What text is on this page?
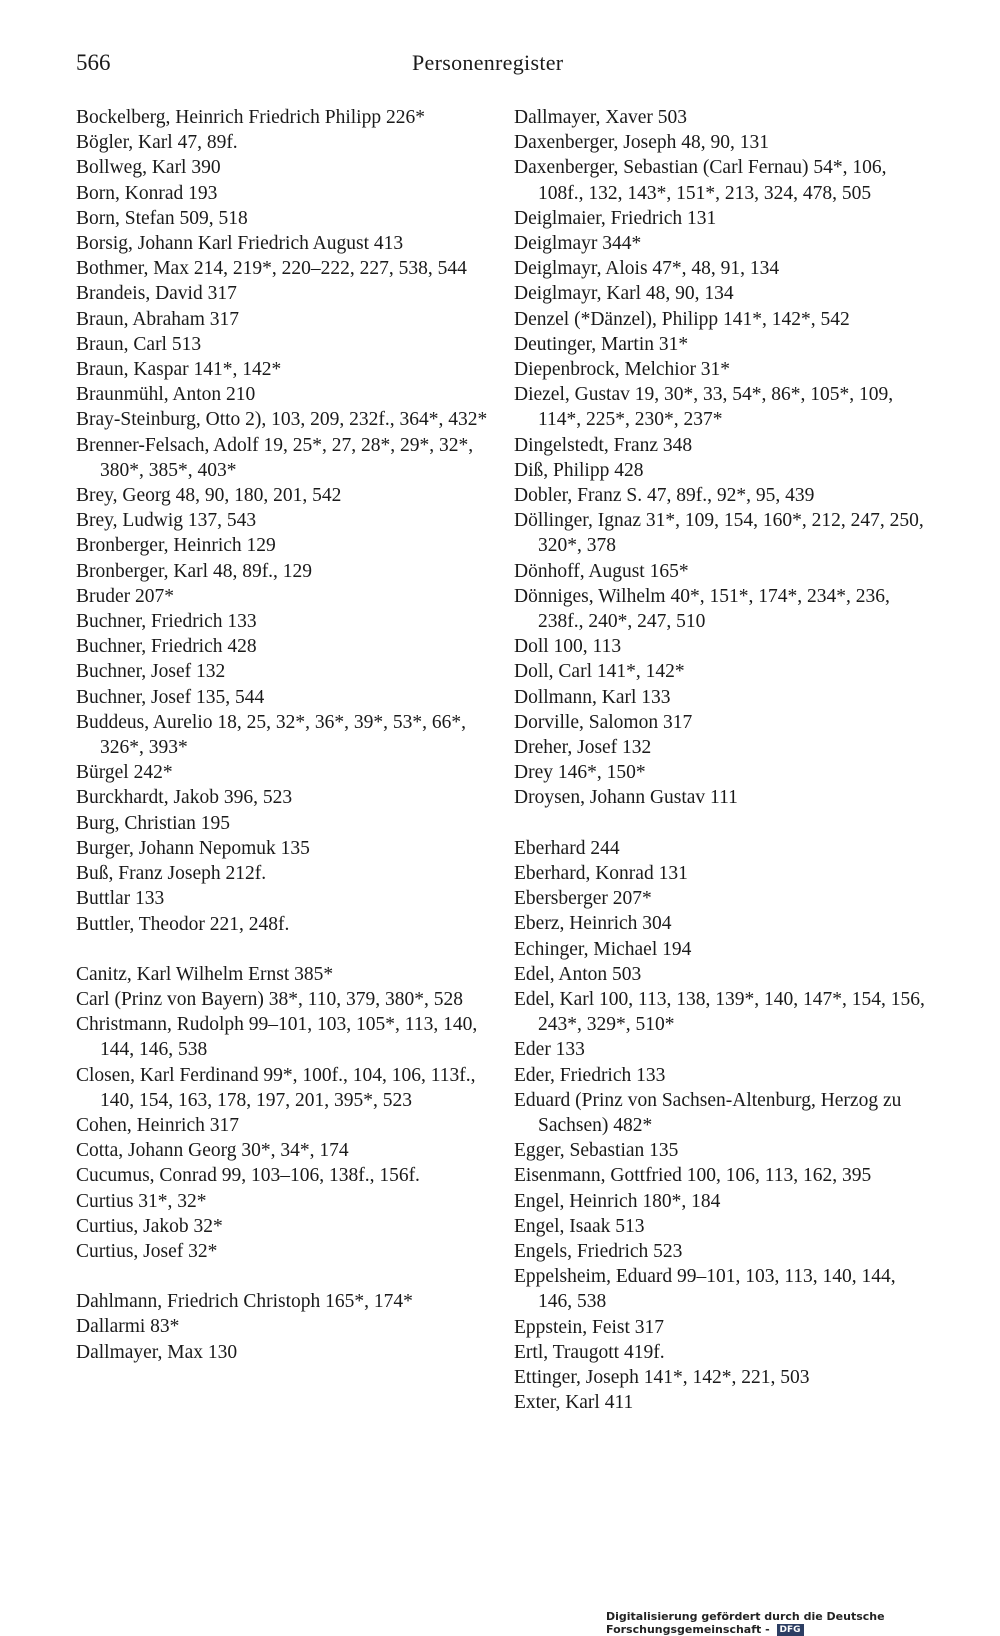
566	Personenregister
Bockelberg, Heinrich Friedrich Philipp 226*
Bögler, Karl 47, 89f.
Bollweg, Karl 390
Born, Konrad 193
Born, Stefan 509, 518
Borsig, Johann Karl Friedrich August 413
Bothmer, Max 214, 219*, 220–222, 227, 538, 544
Brandeis, David 317
Braun, Abraham 317
Braun, Carl 513
Braun, Kaspar 141*, 142*
Braunmühl, Anton 210
Bray-Steinburg, Otto 2), 103, 209, 232f., 364*, 432*
Brenner-Felsach, Adolf 19, 25*, 27, 28*, 29*, 32*, 380*, 385*, 403*
Brey, Georg 48, 90, 180, 201, 542
Brey, Ludwig 137, 543
Bronberger, Heinrich 129
Bronberger, Karl 48, 89f., 129
Bruder 207*
Buchner, Friedrich 133
Buchner, Friedrich 428
Buchner, Josef 132
Buchner, Josef 135, 544
Buddeus, Aurelio 18, 25, 32*, 36*, 39*, 53*, 66*, 326*, 393*
Bürgel 242*
Burckhardt, Jakob 396, 523
Burg, Christian 195
Burger, Johann Nepomuk 135
Buß, Franz Joseph 212f.
Buttlar 133
Buttler, Theodor 221, 248f.
Canitz, Karl Wilhelm Ernst 385*
Carl (Prinz von Bayern) 38*, 110, 379, 380*, 528
Christmann, Rudolph 99–101, 103, 105*, 113, 140, 144, 146, 538
Closen, Karl Ferdinand 99*, 100f., 104, 106, 113f., 140, 154, 163, 178, 197, 201, 395*, 523
Cohen, Heinrich 317
Cotta, Johann Georg 30*, 34*, 174
Cucumus, Conrad 99, 103–106, 138f., 156f.
Curtius 31*, 32*
Curtius, Jakob 32*
Curtius, Josef 32*
Dahlmann, Friedrich Christoph 165*, 174*
Dallarmi 83*
Dallmayer, Max 130
Dallmayer, Xaver 503
Daxenberger, Joseph 48, 90, 131
Daxenberger, Sebastian (Carl Fernau) 54*, 106, 108f., 132, 143*, 151*, 213, 324, 478, 505
Deiglmaier, Friedrich 131
Deiglmayr 344*
Deiglmayr, Alois 47*, 48, 91, 134
Deiglmayr, Karl 48, 90, 134
Denzel (*Dänzel), Philipp 141*, 142*, 542
Deutinger, Martin 31*
Diepenbrock, Melchior 31*
Diezel, Gustav 19, 30*, 33, 54*, 86*, 105*, 109, 114*, 225*, 230*, 237*
Dingelstedt, Franz 348
Diß, Philipp 428
Dobler, Franz S. 47, 89f., 92*, 95, 439
Döllinger, Ignaz 31*, 109, 154, 160*, 212, 247, 250, 320*, 378
Dönhoff, August 165*
Dönniges, Wilhelm 40*, 151*, 174*, 234*, 236, 238f., 240*, 247, 510
Doll 100, 113
Doll, Carl 141*, 142*
Dollmann, Karl 133
Dorville, Salomon 317
Dreher, Josef 132
Drey 146*, 150*
Droysen, Johann Gustav 111
Eberhard 244
Eberhard, Konrad 131
Ebersberger 207*
Eberz, Heinrich 304
Echinger, Michael 194
Edel, Anton 503
Edel, Karl 100, 113, 138, 139*, 140, 147*, 154, 156, 243*, 329*, 510*
Eder 133
Eder, Friedrich 133
Eduard (Prinz von Sachsen-Altenburg, Herzog zu Sachsen) 482*
Egger, Sebastian 135
Eisenmann, Gottfried 100, 106, 113, 162, 395
Engel, Heinrich 180*, 184
Engel, Isaak 513
Engels, Friedrich 523
Eppelsheim, Eduard 99–101, 103, 113, 140, 144, 146, 538
Eppstein, Feist 317
Ertl, Traugott 419f.
Ettinger, Joseph 141*, 142*, 221, 503
Exter, Karl 411
Digitalisierung gefördert durch die Deutsche Forschungsgemeinschaft - DFG
